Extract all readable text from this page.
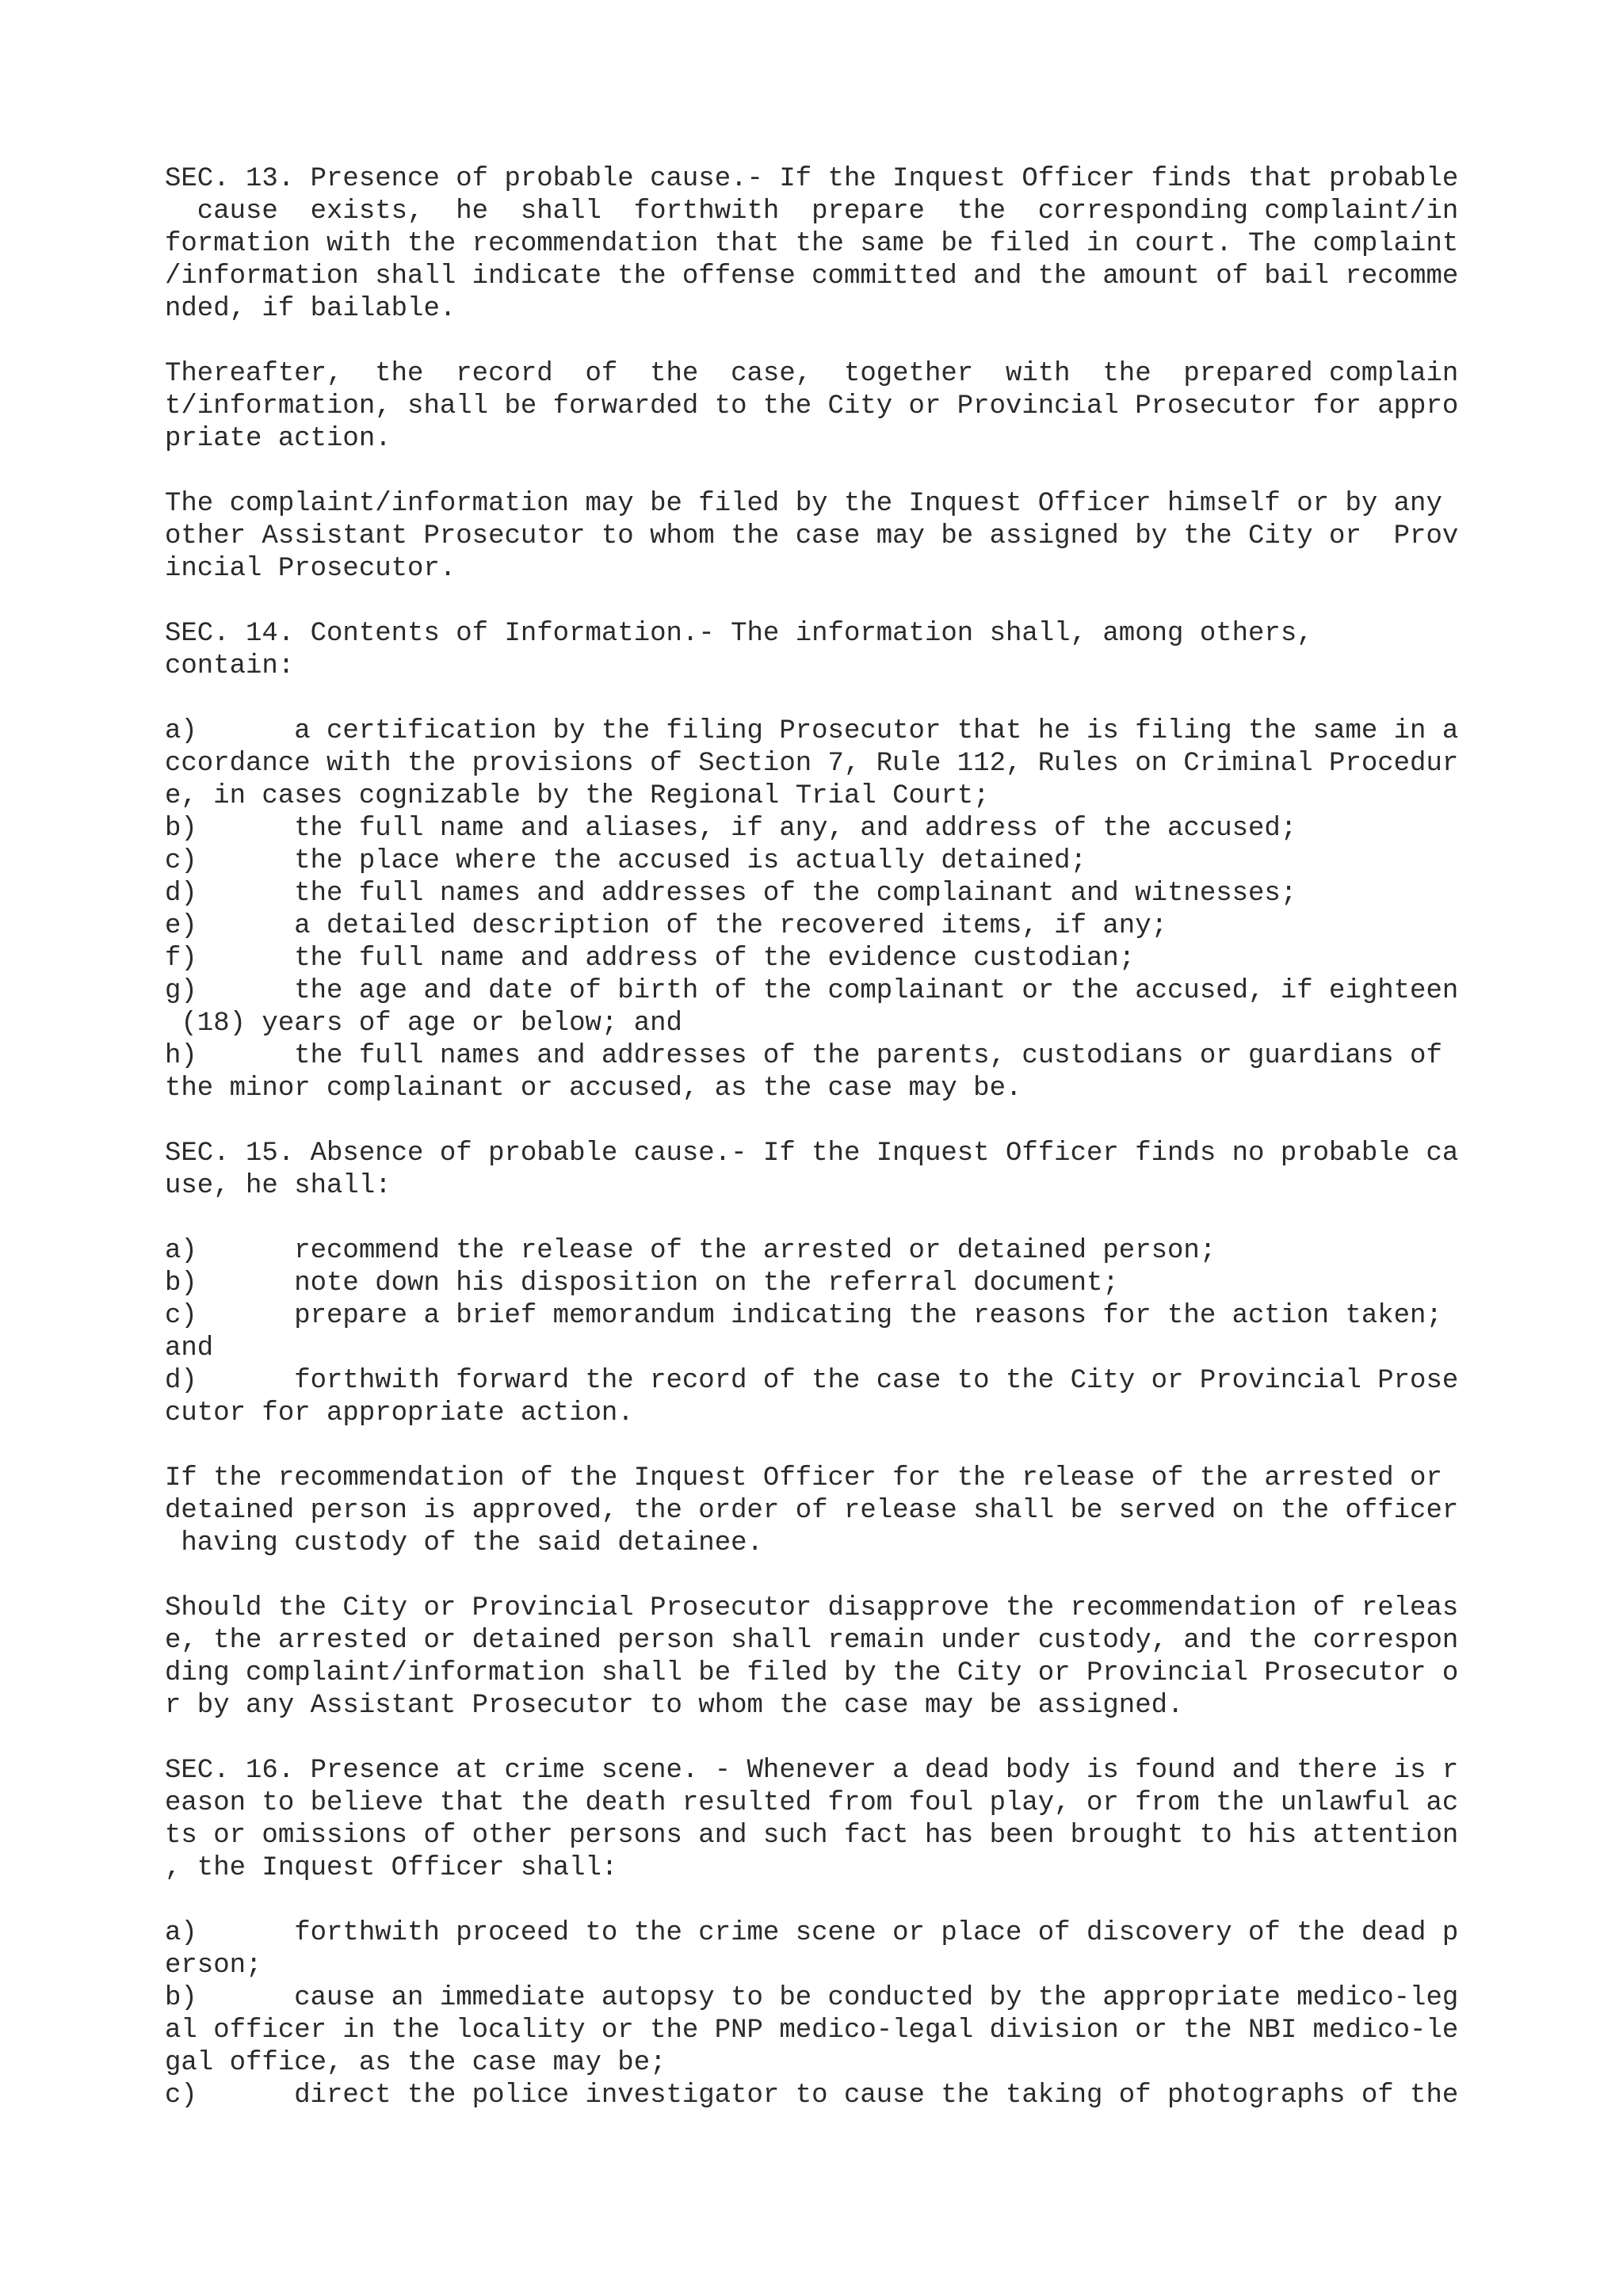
SEC. 13. Presence of probable cause.- If the Inquest Officer finds that probable
cause  exists,  he  shall  forthwith  prepare  the  corresponding complaint/in
formation with the recommendation that the same be filed in court. The complaint
/information shall indicate the offense committed and the amount of bail recomme
nded, if bailable.
Thereafter,  the  record  of  the  case,  together  with  the  prepared complain
t/information, shall be forwarded to the City or Provincial Prosecutor for appro
priate action.
The complaint/information may be filed by the Inquest Officer himself or by any
other Assistant Prosecutor to whom the case may be assigned by the City or  Prov
incial Prosecutor.
SEC. 14. Contents of Information.- The information shall, among others,
contain:
a)      a certification by the filing Prosecutor that he is filing the same in a
ccordance with the provisions of Section 7, Rule 112, Rules on Criminal Procedur
e, in cases cognizable by the Regional Trial Court;
b)      the full name and aliases, if any, and address of the accused;
c)      the place where the accused is actually detained;
d)      the full names and addresses of the complainant and witnesses;
e)      a detailed description of the recovered items, if any;
f)      the full name and address of the evidence custodian;
g)      the age and date of birth of the complainant or the accused, if eighteen
(18) years of age or below; and
h)      the full names and addresses of the parents, custodians or guardians of
the minor complainant or accused, as the case may be.
SEC. 15. Absence of probable cause.- If the Inquest Officer finds no probable ca
use, he shall:
a)      recommend the release of the arrested or detained person;
b)      note down his disposition on the referral document;
c)      prepare a brief memorandum indicating the reasons for the action taken;
and
d)      forthwith forward the record of the case to the City or Provincial Prose
cutor for appropriate action.
If the recommendation of the Inquest Officer for the release of the arrested or
detained person is approved, the order of release shall be served on the officer
having custody of the said detainee.
Should the City or Provincial Prosecutor disapprove the recommendation of releas
e, the arrested or detained person shall remain under custody, and the correspon
ding complaint/information shall be filed by the City or Provincial Prosecutor o
r by any Assistant Prosecutor to whom the case may be assigned.
SEC. 16. Presence at crime scene. - Whenever a dead body is found and there is r
eason to believe that the death resulted from foul play, or from the unlawful ac
ts or omissions of other persons and such fact has been brought to his attention
, the Inquest Officer shall:
a)      forthwith proceed to the crime scene or place of discovery of the dead p
erson;
b)      cause an immediate autopsy to be conducted by the appropriate medico-leg
al officer in the locality or the PNP medico-legal division or the NBI medico-le
gal office, as the case may be;
c)      direct the police investigator to cause the taking of photographs of the
